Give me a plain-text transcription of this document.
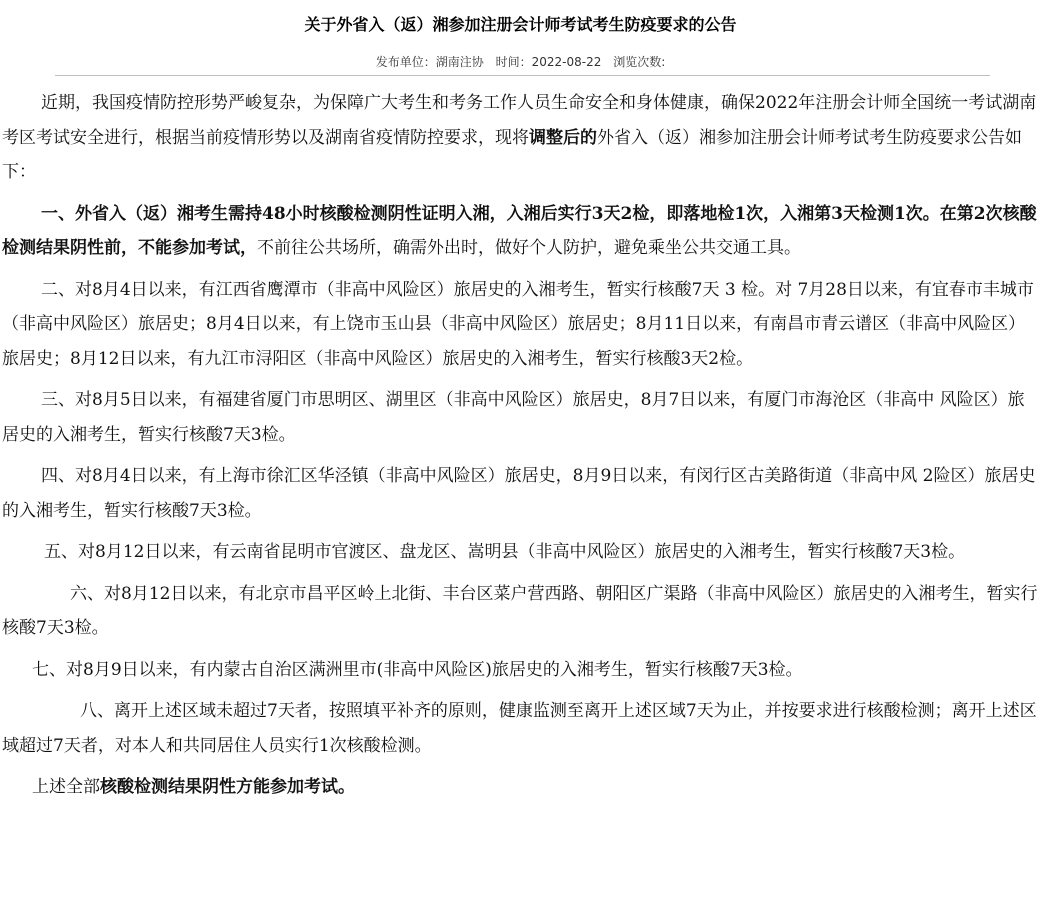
关于外省入（返）湘参加注册会计师考试考生防疫要求的公告
发布单位：湖南注协 时间：2022-08-22 浏览次数:

近期，我国疫情防控形势严峻复杂，为保障广大考生和考务工作人员生命安全和身体健康，确保2022年注册会计师全国统一考试湖南考区考试安全进行，根据当前疫情形势以及湖南省疫情防控要求，现将调整后的外省入（返）湘参加注册会计师考试考生防疫要求公告如下：

一、外省入（返）湘考生需持48小时核酸检测阴性证明入湘，入湘后实行3天2检，即落地检1次，入湘第3天检测1次。在第2次核酸检测结果阴性前，不能参加考试，不前往公共场所，确需外出时，做好个人防护，避免乘坐公共交通工具。

二、对8月4日以来，有江西省鹰潭市（非高中风险区）旅居史的入湘考生，暂实行核酸7天 3 检。对 7月28日以来，有宜春市丰城市（非高中风险区）旅居史；8月4日以来，有上饶市玉山县（非高中风险区）旅居史；8月11日以来，有南昌市青云谱区（非高中风险区）旅居史；8月12日以来，有九江市浔阳区（非高中风险区）旅居史的入湘考生，暂实行核酸3天2检。

三、对8月5日以来，有福建省厦门市思明区、湖里区（非高中风险区）旅居史，8月7日以来，有厦门市海沧区（非高中 风险区）旅居史的入湘考生，暂实行核酸7天3检。

四、对8月4日以来，有上海市徐汇区华泾镇（非高中风险区）旅居史，8月9日以来，有闵行区古美路街道（非高中风 2险区）旅居史的入湘考生，暂实行核酸7天3检。

五、对8月12日以来，有云南省昆明市官渡区、盘龙区、嵩明县（非高中风险区）旅居史的入湘考生，暂实行核酸7天3检。

六、对8月12日以来，有北京市昌平区岭上北街、丰台区菜户营西路、朝阳区广渠路（非高中风险区）旅居史的入湘考生，暂实行核酸7天3检。

七、对8月9日以来，有内蒙古自治区满洲里市(非高中风险区)旅居史的入湘考生，暂实行核酸7天3检。

八、离开上述区域未超过7天者，按照填平补齐的原则，健康监测至离开上述区域7天为止，并按要求进行核酸检测；离开上述区域超过7天者，对本人和共同居住人员实行1次核酸检测。

上述全部核酸检测结果阴性方能参加考试。
